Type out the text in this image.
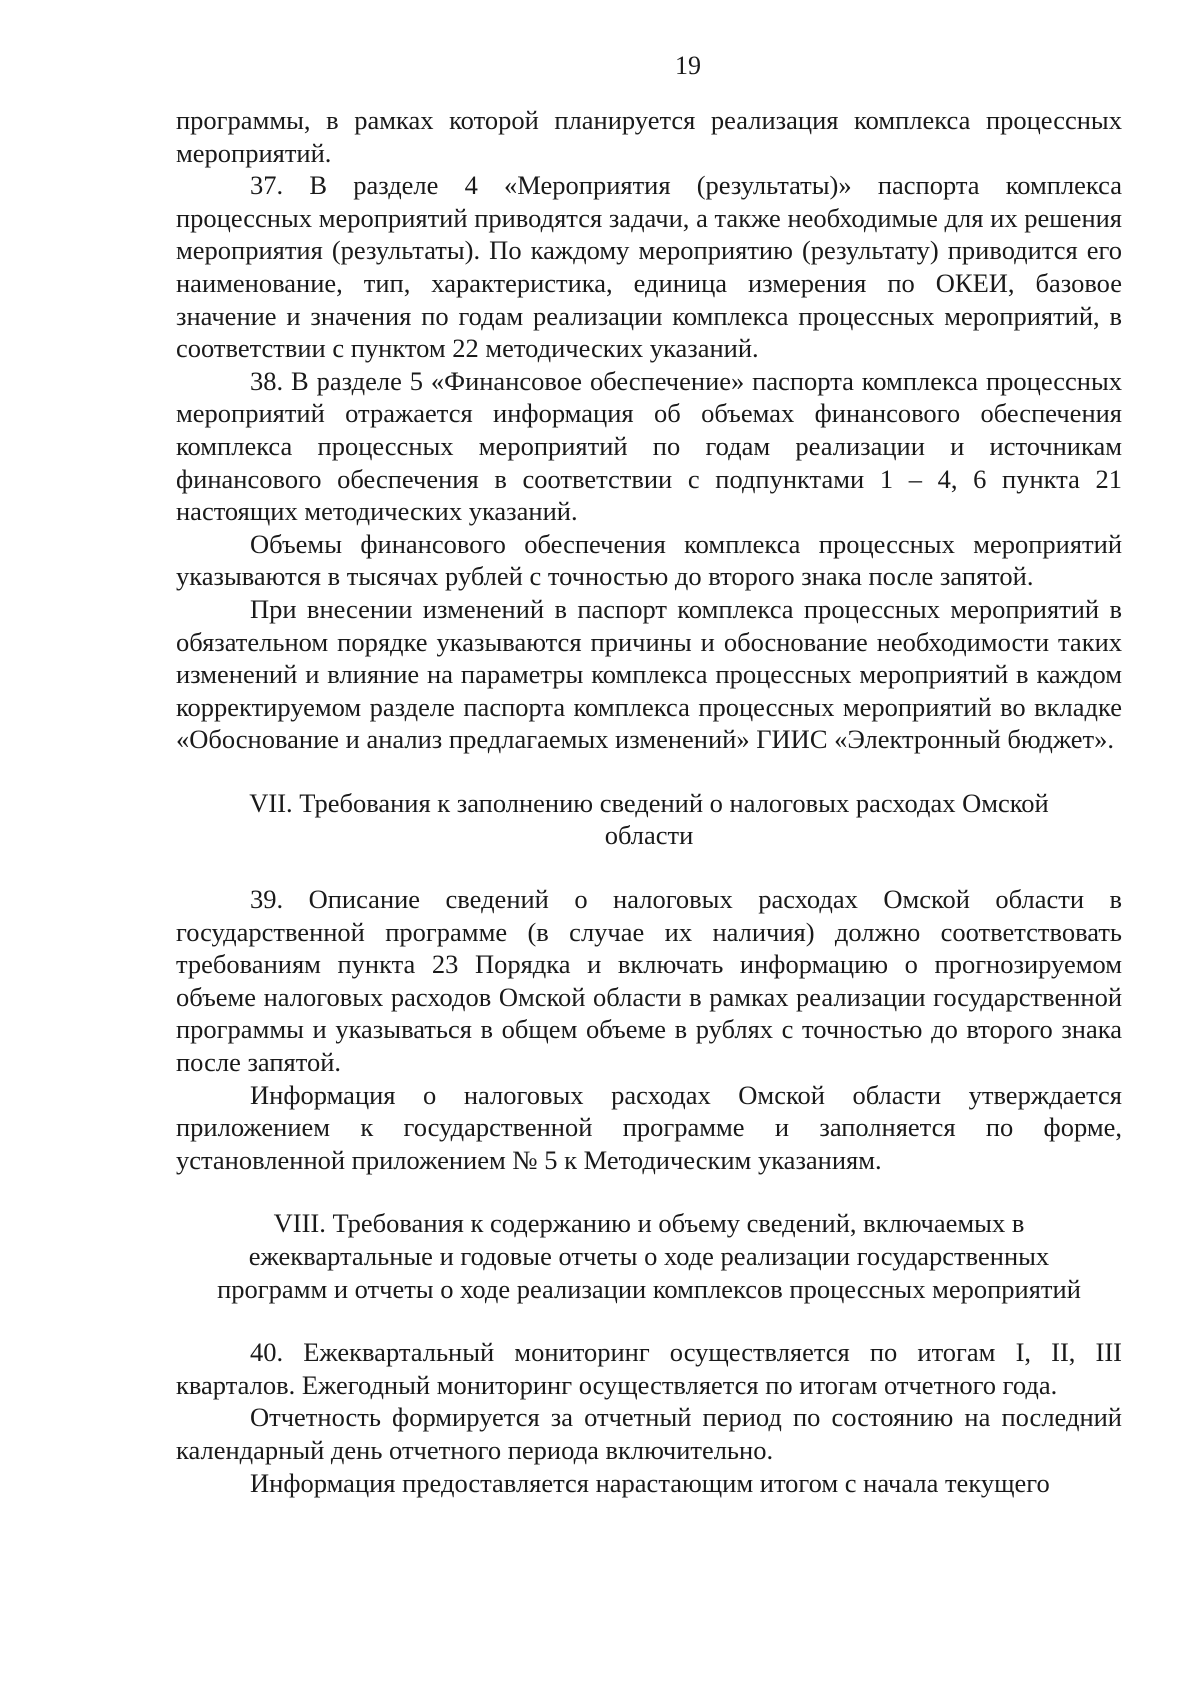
19

программы, в рамках которой планируется реализация комплекса процессных мероприятий.

37. В разделе 4 «Мероприятия (результаты)» паспорта комплекса процессных мероприятий приводятся задачи, а также необходимые для их решения мероприятия (результаты). По каждому мероприятию (результату) приводится его наименование, тип, характеристика, единица измерения по ОКЕИ, базовое значение и значения по годам реализации комплекса процессных мероприятий, в соответствии с пунктом 22 методических указаний.

38. В разделе 5 «Финансовое обеспечение» паспорта комплекса процессных мероприятий отражается информация об объемах финансового обеспечения комплекса процессных мероприятий по годам реализации и источникам финансового обеспечения в соответствии с подпунктами 1 – 4, 6 пункта 21 настоящих методических указаний.

Объемы финансового обеспечения комплекса процессных мероприятий указываются в тысячах рублей с точностью до второго знака после запятой.

При внесении изменений в паспорт комплекса процессных мероприятий в обязательном порядке указываются причины и обоснование необходимости таких изменений и влияние на параметры комплекса процессных мероприятий в каждом корректируемом разделе паспорта комплекса процессных мероприятий во вкладке «Обоснование и анализ предлагаемых изменений» ГИИС «Электронный бюджет».

VII. Требования к заполнению сведений о налоговых расходах Омской
области

39. Описание сведений о налоговых расходах Омской области в государственной программе (в случае их наличия) должно соответствовать требованиям пункта 23 Порядка и включать информацию о прогнозируемом объеме налоговых расходов Омской области в рамках реализации государственной программы и указываться в общем объеме в рублях с точностью до второго знака после запятой.

Информация о налоговых расходах Омской области утверждается приложением к государственной программе и заполняется по форме, установленной приложением № 5 к Методическим указаниям.

VIII. Требования к содержанию и объему сведений, включаемых в
ежеквартальные и годовые отчеты о ходе реализации государственных
программ и отчеты о ходе реализации комплексов процессных мероприятий

40. Ежеквартальный мониторинг осуществляется по итогам I, II, III кварталов. Ежегодный мониторинг осуществляется по итогам отчетного года.

Отчетность формируется за отчетный период по состоянию на последний календарный день отчетного периода включительно.

Информация предоставляется нарастающим итогом с начала текущего
